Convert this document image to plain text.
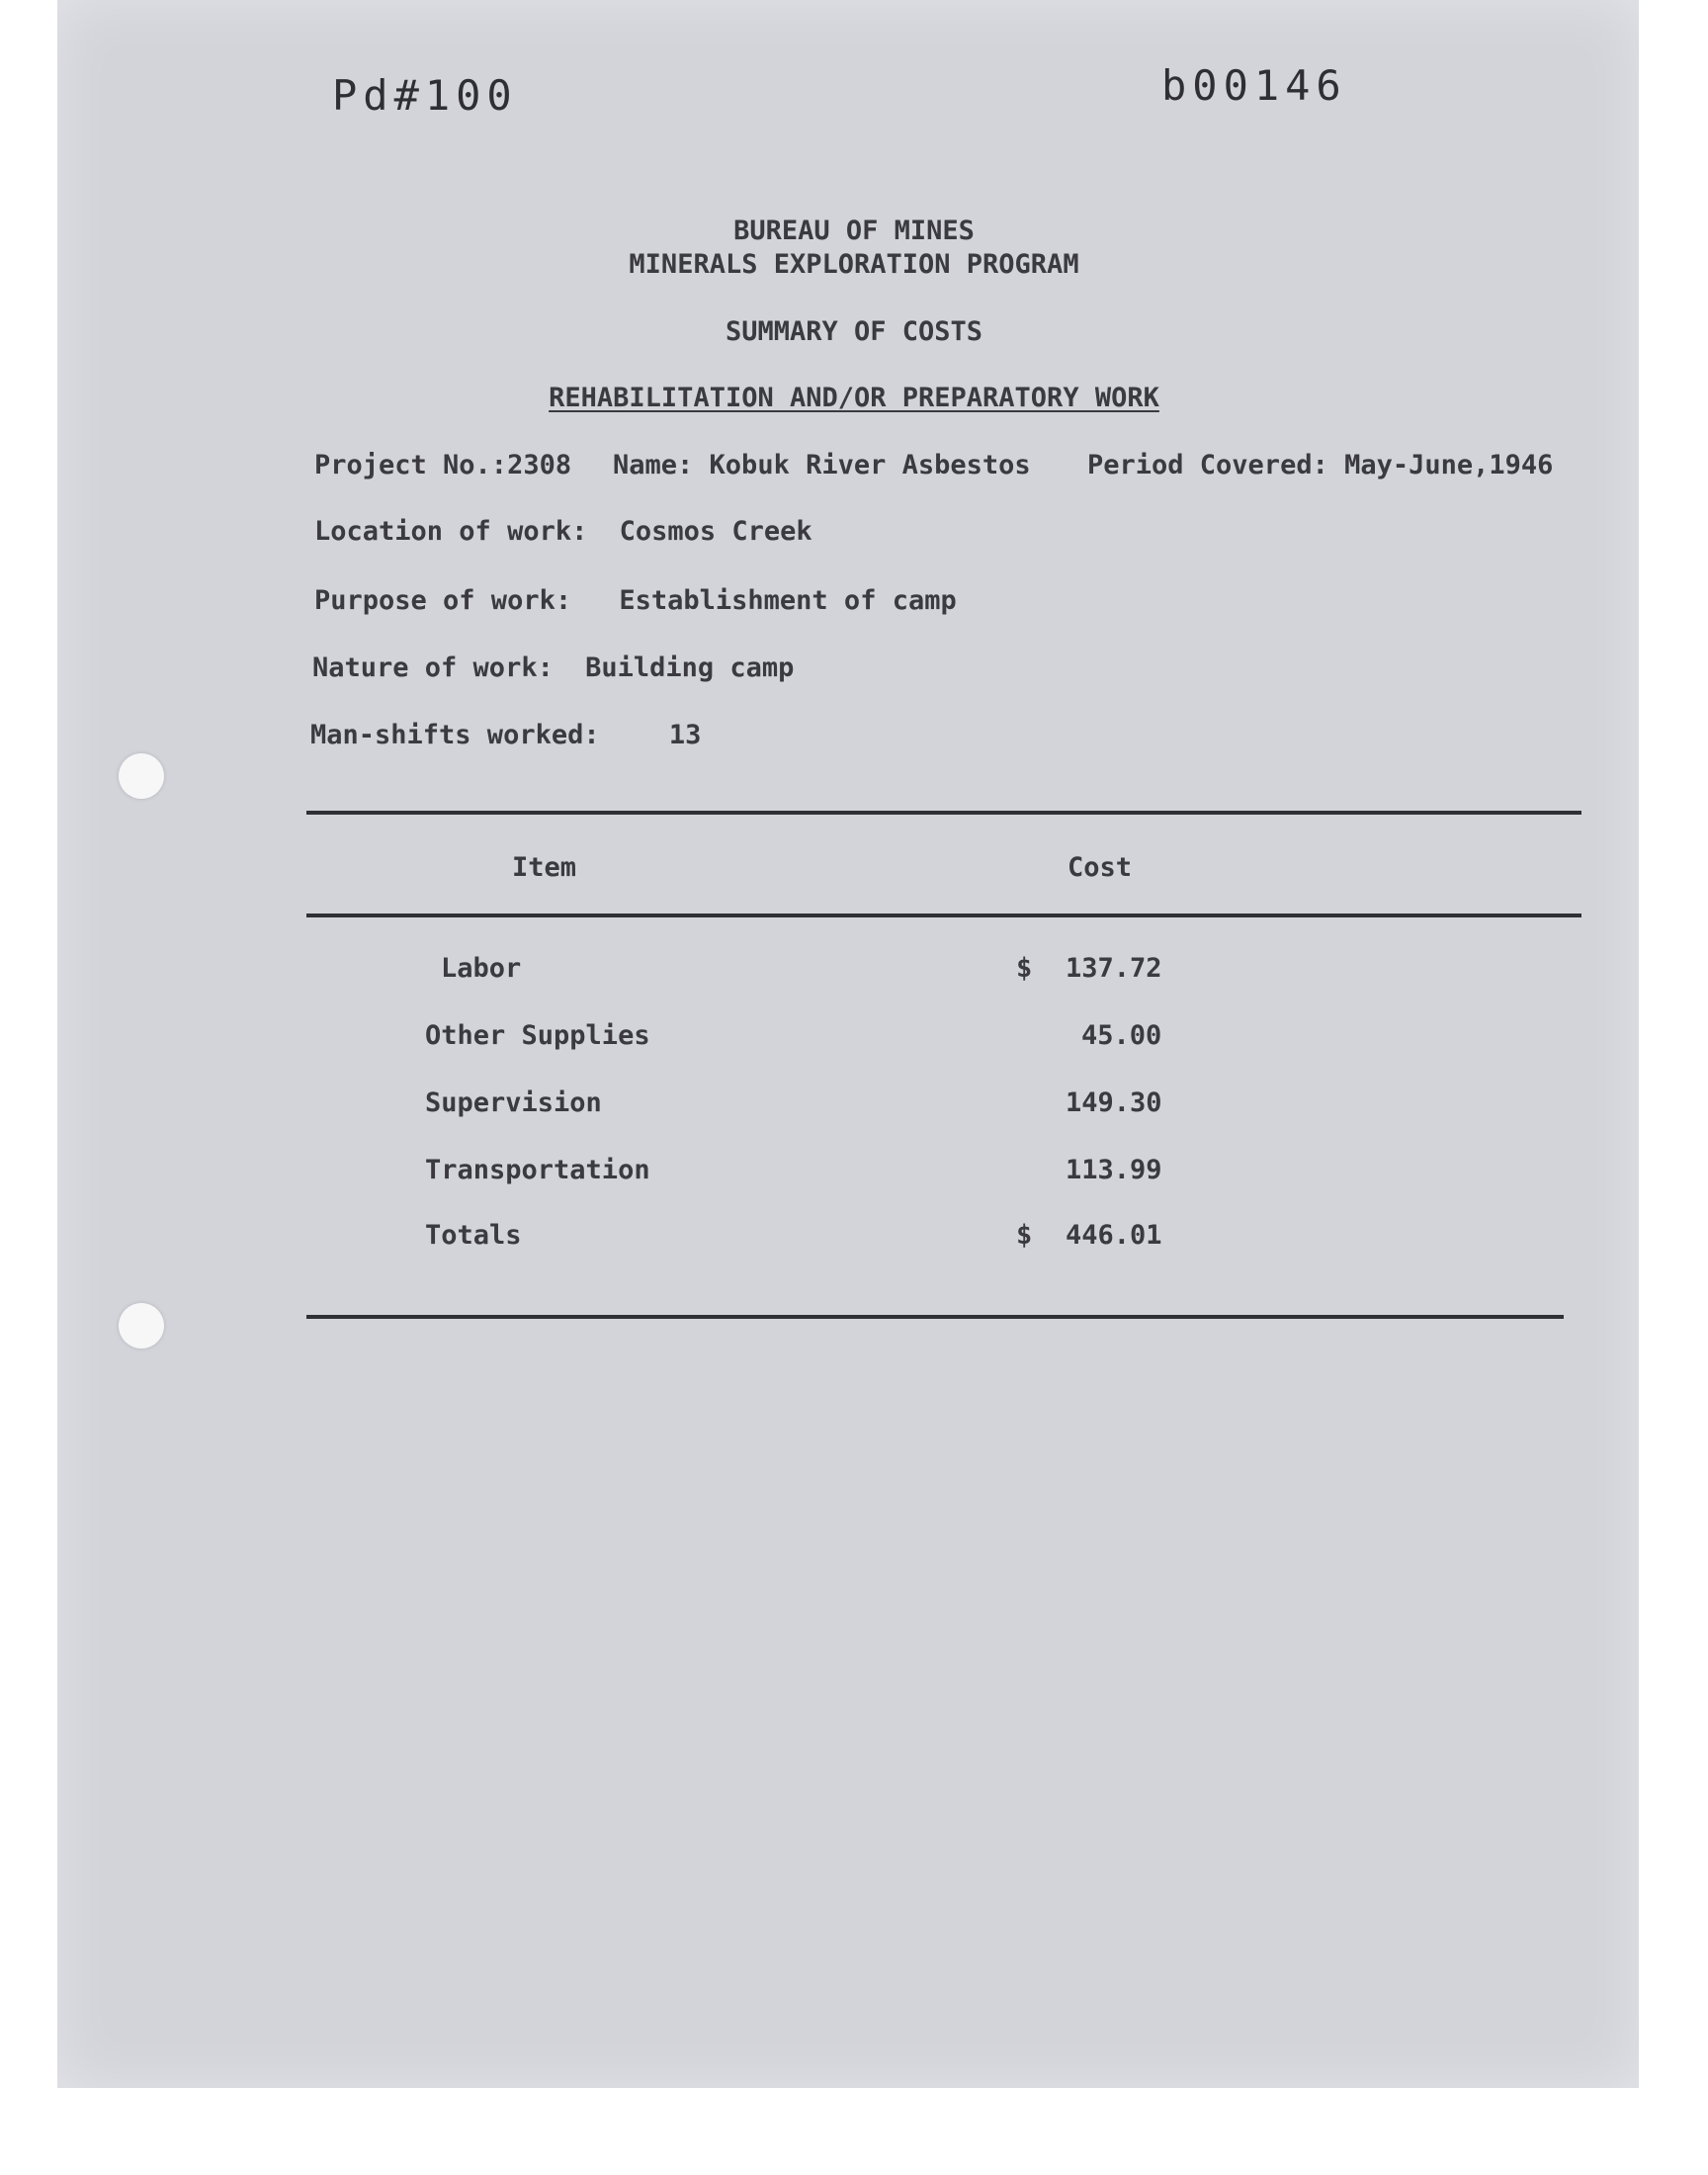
Pd#100	b00146
BUREAU OF MINES
MINERALS EXPLORATION PROGRAM
SUMMARY OF COSTS
REHABILITATION AND/OR PREPARATORY WORK
Project No.:2308 Name: Kobuk River Asbestos Period Covered: May-June,1946
Location of work: Cosmos Creek
Purpose of work: Establishment of camp
Nature of work: Building camp
Man-shifts worked:	13
Item	Cost
Labor	$ 137.72
Other Supplies	45.00
Supervision	149.30
Transportation	113.99
Totals	$ 446.01
